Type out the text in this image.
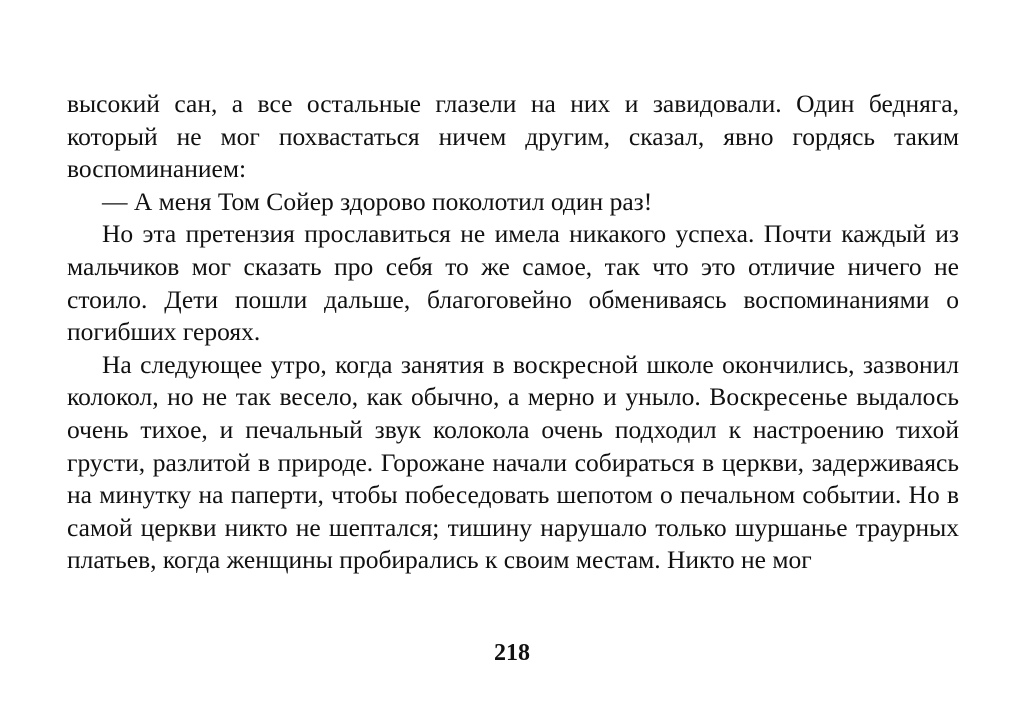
высокий сан, а все остальные глазели на них и завидовали. Один бедняга, который не мог похвастаться ничем другим, сказал, явно гордясь таким воспоминанием:

— А меня Том Сойер здорово поколотил один раз!

Но эта претензия прославиться не имела никакого успеха. Почти каждый из мальчиков мог сказать про себя то же самое, так что это отличие ничего не стоило. Дети пошли дальше, благоговейно обмениваясь воспоминаниями о погибших героях.

На следующее утро, когда занятия в воскресной школе окончились, зазвонил колокол, но не так весело, как обычно, а мерно и уныло. Воскресенье выдалось очень тихое, и печальный звук колокола очень подходил к настроению тихой грусти, разлитой в природе. Горожане начали собираться в церкви, задерживаясь на минутку на паперти, чтобы побеседовать шепотом о печальном событии. Но в самой церкви никто не шептался; тишину нарушало только шуршанье траурных платьев, когда женщины пробирались к своим местам. Никто не мог

218
